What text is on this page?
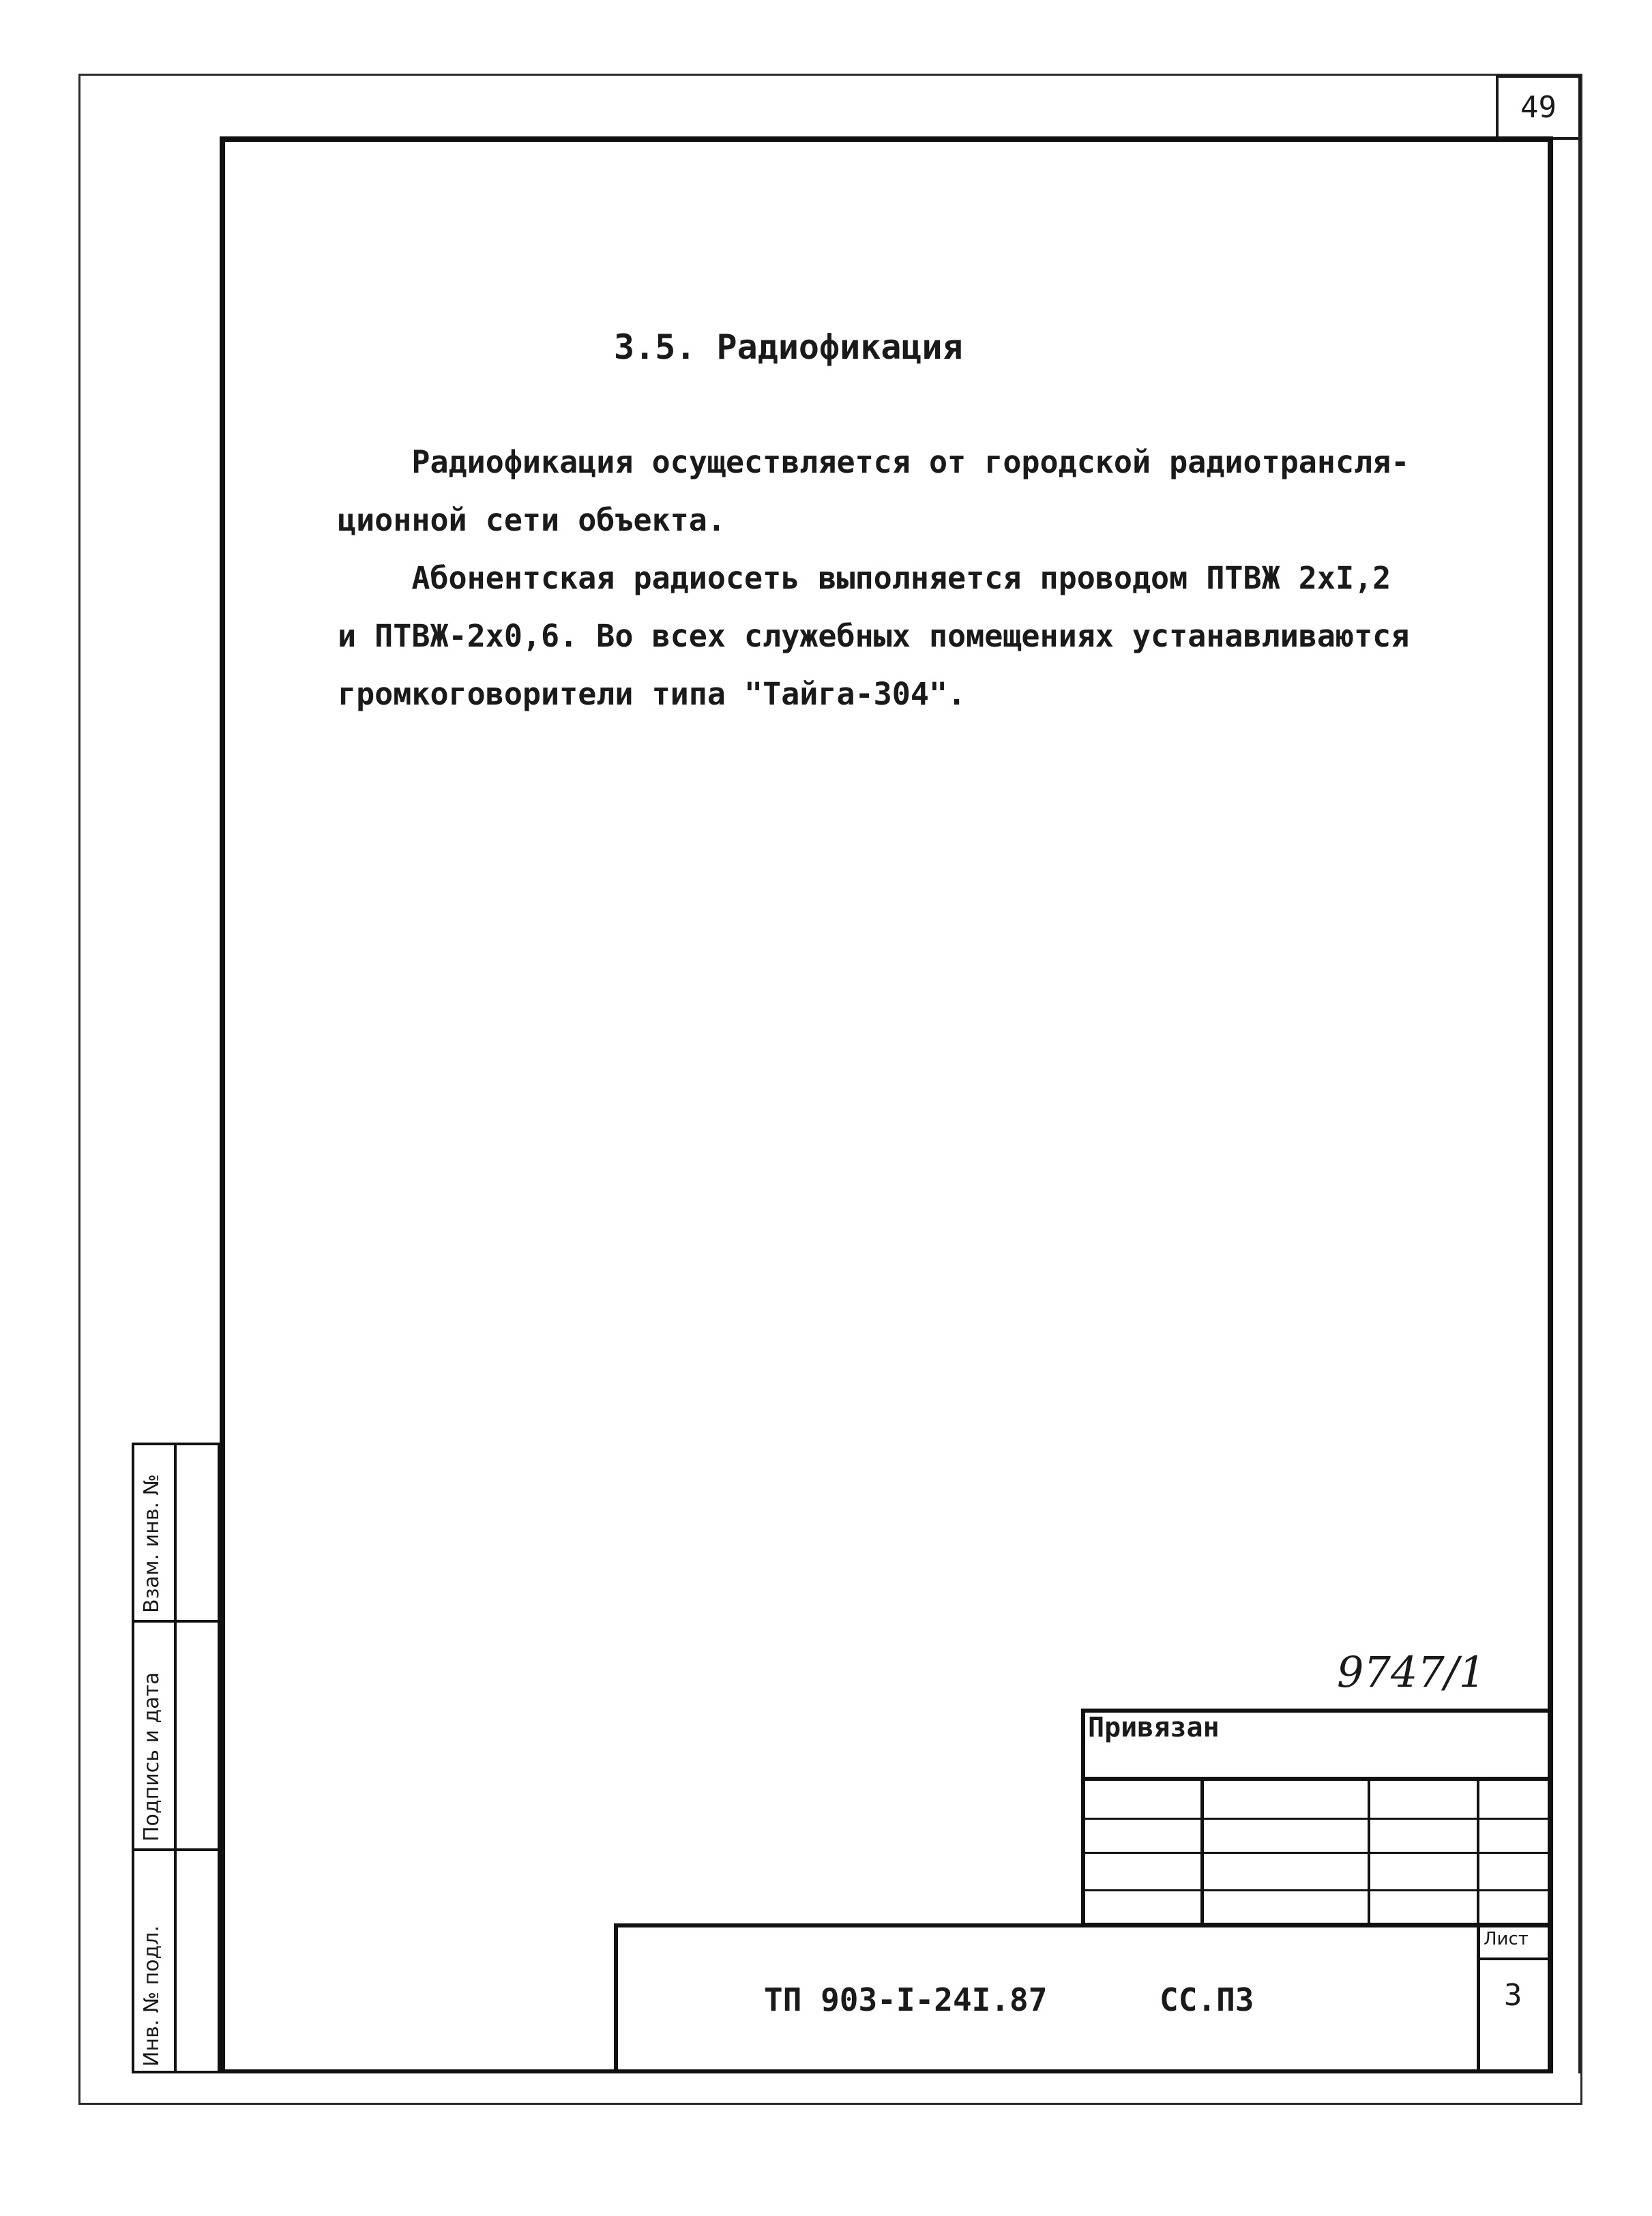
49
3.5. Радиофикация
Радиофикация осуществляется от городской радиотрансля-
ционной сети объекта.
Абонентская радиосеть выполняется проводом ПТВЖ 2хI,2
и ПТВЖ-2х0,6. Во всех служебных помещениях устанавливаются
громкоговорители типа "Тайга-304".
Взам. инв. №
Подпись и дата
Инв. № подл.
9747/1
Привязан
ТП 903-I-24I.87	СС.ПЗ
Лист
3
